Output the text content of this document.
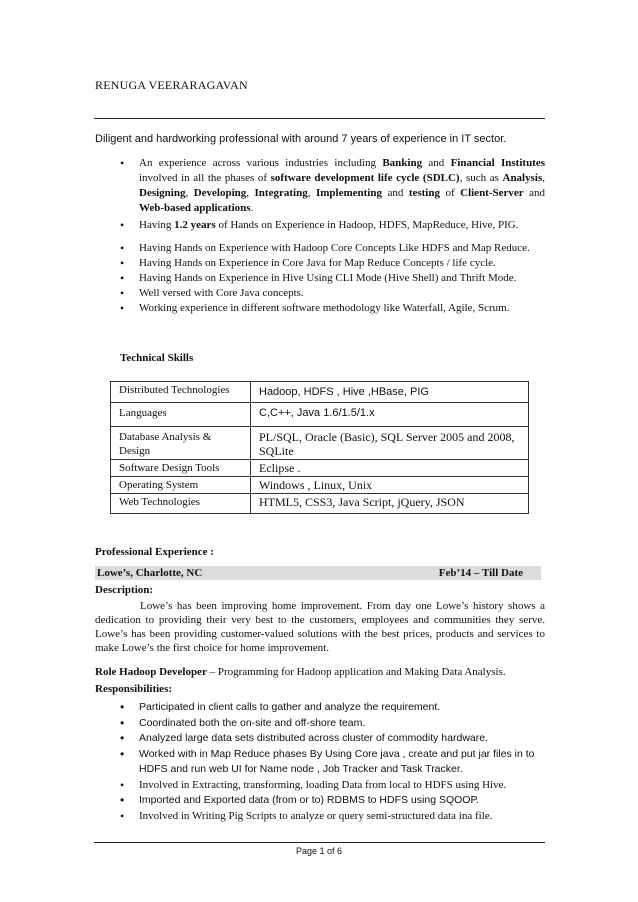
RENUGA VEERARAGAVAN
Diligent and hardworking professional with around 7 years of experience in IT sector.
• An experience across various industries including Banking and Financial Institutes involved in all the phases of software development life cycle (SDLC), such as Analysis, Designing, Developing, Integrating, Implementing and testing of Client-Server and Web-based applications.
• Having 1.2 years of Hands on Experience in Hadoop, HDFS, MapReduce, Hive, PIG.
• Having Hands on Experience with Hadoop Core Concepts Like HDFS and Map Reduce.
• Having Hands on Experience in Core Java for Map Reduce Concepts / life cycle.
• Having Hands on Experience in Hive Using CLI Mode (Hive Shell) and Thrift Mode.
• Well versed with Core Java concepts.
• Working experience in different software methodology like Waterfall, Agile, Scrum.
Technical Skills
Distributed Technologies	Hadoop, HDFS , Hive ,HBase, PIG
Languages	C,C++, Java 1.6/1.5/1.x
Database Analysis & Design	PL/SQL, Oracle (Basic), SQL Server 2005 and 2008, SQLite
Software Design Tools	Eclipse .
Operating System	Windows , Linux, Unix
Web Technologies	HTML5, CSS3, Java Script, jQuery, JSON
Professional Experience :
Lowe’s, Charlotte, NC	Feb’14 – Till Date
Description:
Lowe’s has been improving home improvement. From day one Lowe’s history shows a dedication to providing their very best to the customers, employees and communities they serve. Lowe’s has been providing customer-valued solutions with the best prices, products and services to make Lowe’s the first choice for home improvement.
Role Hadoop Developer – Programming for Hadoop application and Making Data Analysis.
Responsibilities:
• Participated in client calls to gather and analyze the requirement.
• Coordinated both the on-site and off-shore team.
• Analyzed large data sets distributed across cluster of commodity hardware.
• Worked with in Map Reduce phases By Using Core java , create and put jar files in to HDFS and run web UI for Name node , Job Tracker and Task Tracker.
• Involved in Extracting, transforming, loading Data from local to HDFS using Hive.
• Imported and Exported data (from or to) RDBMS to HDFS using SQOOP.
• Involved in Writing Pig Scripts to analyze or query semi-structured data ina file.
Page 1 of 6
